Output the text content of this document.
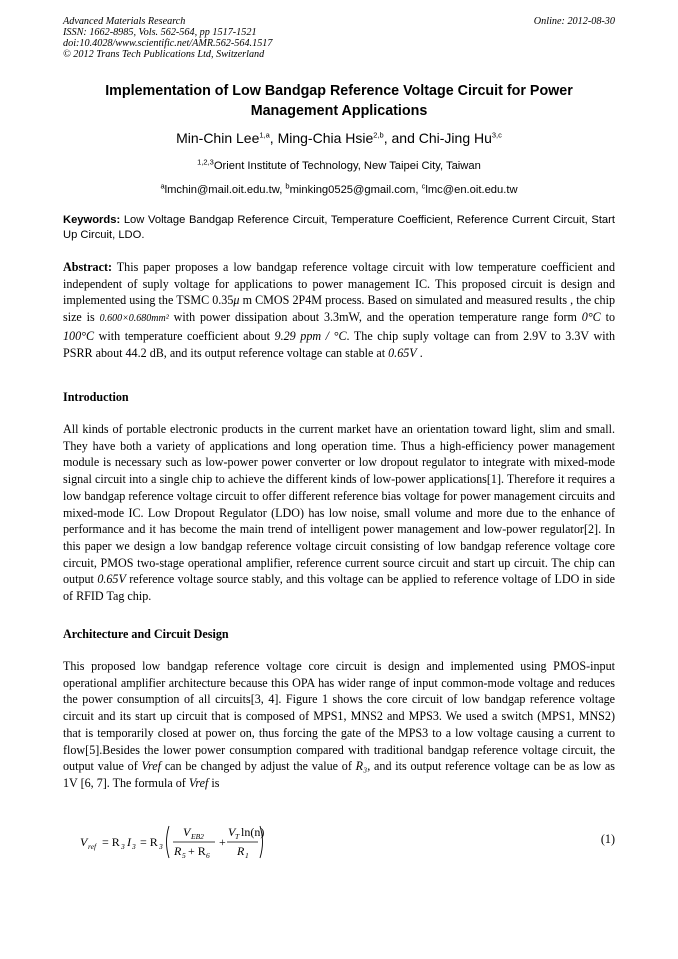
Advanced Materials Research
ISSN: 1662-8985, Vols. 562-564, pp 1517-1521
doi:10.4028/www.scientific.net/AMR.562-564.1517
© 2012 Trans Tech Publications Ltd, Switzerland
Online: 2012-08-30
Implementation of Low Bandgap Reference Voltage Circuit for Power Management Applications
Min-Chin Lee$^{1,a}$, Ming-Chia Hsie$^{2,b}$, and Chi-Jing Hu$^{3,c}$
$^{1,2,3}$Orient Institute of Technology, New Taipei City, Taiwan
$^a$lmchin@mail.oit.edu.tw, $^b$minking0525@gmail.com, $^c$lmc@en.oit.edu.tw
Keywords: Low Voltage Bandgap Reference Circuit, Temperature Coefficient, Reference Current Circuit, Start Up Circuit, LDO.
Abstract: This paper proposes a low bandgap reference voltage circuit with low temperature coefficient and independent of suply voltage for applications to power management IC. This proposed circuit is design and implemented using the TSMC 0.35μ m CMOS 2P4M process. Based on simulated and measured results , the chip size is 0.600×0.680mm² with power dissipation about 3.3mW, and the operation temperature range form 0°C to 100°C with temperature coefficient about 9.29 ppm / °C. The chip suply voltage can from 2.9V to 3.3V with PSRR about 44.2 dB, and its output reference voltage can stable at 0.65V .
Introduction
All kinds of portable electronic products in the current market have an orientation toward light, slim and small. They have both a variety of applications and long operation time. Thus a high-efficiency power management module is necessary such as low-power power converter or low dropout regulator to integrate with mixed-mode signal circuit into a single chip to achieve the different kinds of low-power applications[1]. Therefore it requires a low bandgap reference voltage circuit to offer different reference bias voltage for power management circuits and mixed-mode IC. Low Dropout Regulator (LDO) has low noise, small volume and more due to the enhance of performance and it has become the main trend of intelligent power management and low-power regulator[2]. In this paper we design a low bandgap reference voltage circuit consisting of low bandgap reference voltage core circuit, PMOS two-stage operational amplifier, reference current source circuit and start up circuit. The chip can output 0.65V reference voltage source stably, and this voltage can be applied to reference voltage of LDO in side of RFID Tag chip.
Architecture and Circuit Design
This proposed low bandgap reference voltage core circuit is design and implemented using PMOS-input operational amplifier architecture because this OPA has wider range of input common-mode voltage and reduces the power consumption of all circuits[3, 4]. Figure 1 shows the core circuit of low bandgap reference voltage circuit and its start up circuit that is composed of MPS1, MNS2 and MPS3. We used a switch (MPS1, MNS2) that is temporarily closed at power on, thus forcing the gate of the MPS3 to a low voltage causing a current to flow[5].Besides the lower power consumption compared with traditional bandgap reference voltage circuit, the output value of Vref can be changed by adjust the value of R₃, and its output reference voltage can be as low as 1V [6, 7]. The formula of Vref is
V ref = R 3 I 3 = R 3
V EB2
R 5 + R 6
+
V T ln(n)
R 1
(1)
